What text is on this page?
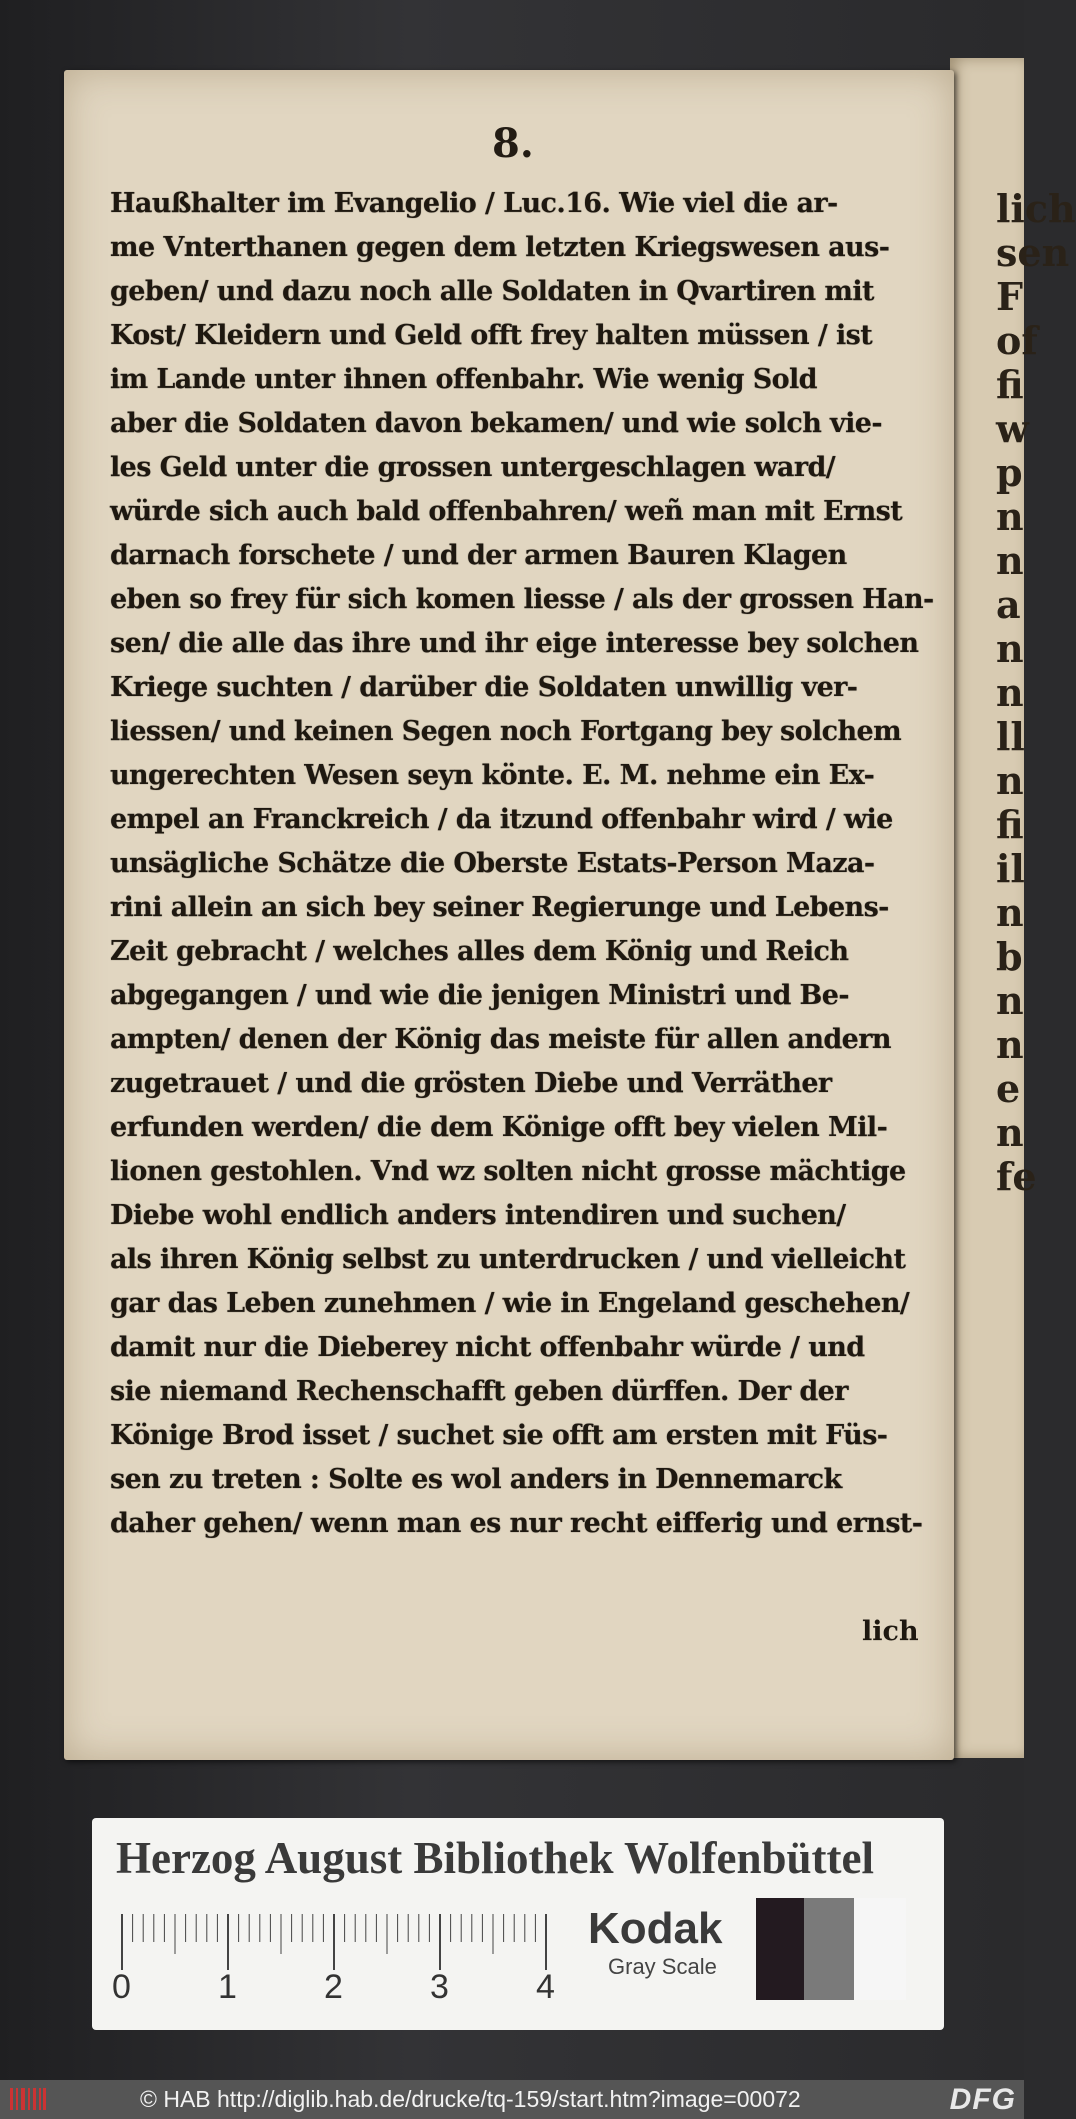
lich
sen
F
of
fi
w
p
n
n
a
n
n
ll
n
fi
il
n
b
n
n
e
n
fe
8.
Haußhalter im Evangelio / Luc.16. Wie viel die ar-
me Vnterthanen gegen dem letzten Kriegswesen aus-
geben/ und dazu noch alle Soldaten in Qvartiren mit
Kost/ Kleidern und Geld offt frey halten müssen / ist
im Lande unter ihnen offenbahr. Wie wenig Sold
aber die Soldaten davon bekamen/ und wie solch vie-
les Geld unter die grossen untergeschlagen ward/
würde sich auch bald offenbahren/ weñ man mit Ernst
darnach forschete / und der armen Bauren Klagen
eben so frey für sich komen liesse / als der grossen Han-
sen/ die alle das ihre und ihr eige interesse bey solchen
Kriege suchten / darüber die Soldaten unwillig ver-
liessen/ und keinen Segen noch Fortgang bey solchem
ungerechten Wesen seyn könte. E. M. nehme ein Ex-
empel an Franckreich / da itzund offenbahr wird / wie
unsägliche Schätze die Oberste Estats-Person Maza-
rini allein an sich bey seiner Regierunge und Lebens-
Zeit gebracht / welches alles dem König und Reich
abgegangen / und wie die jenigen Ministri und Be-
ampten/ denen der König das meiste für allen andern
zugetrauet / und die grösten Diebe und Verräther
erfunden werden/ die dem Könige offt bey vielen Mil-
lionen gestohlen. Vnd wz solten nicht grosse mächtige
Diebe wohl endlich anders intendiren und suchen/
als ihren König selbst zu unterdrucken / und vielleicht
gar das Leben zunehmen / wie in Engeland geschehen/
damit nur die Dieberey nicht offenbahr würde / und
sie niemand Rechenschafft geben dürffen. Der der
Könige Brod isset / suchet sie offt am ersten mit Füs-
sen zu treten : Solte es wol anders in Dennemarck
daher gehen/ wenn man es nur recht eifferig und ernst-
lich
Herzog August Bibliothek Wolfenbüttel
0	1	2	3	4
Kodak
Gray Scale
© HAB http://diglib.hab.de/drucke/tq-159/start.htm?image=00072	DFG
